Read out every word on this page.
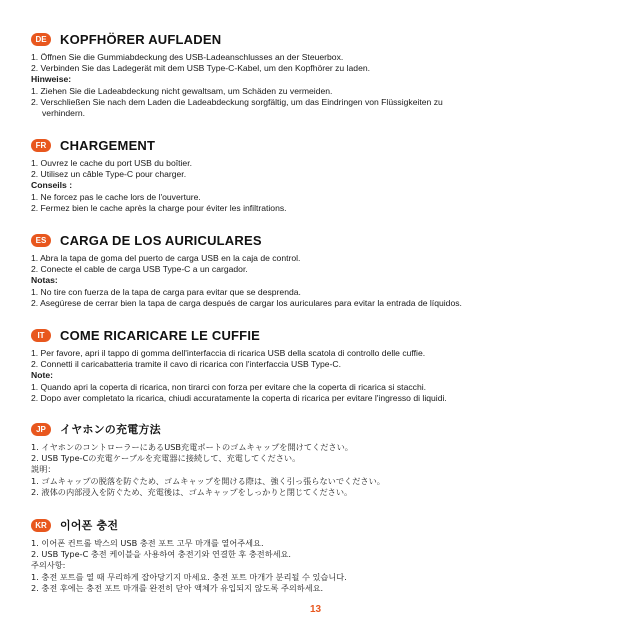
DE	KOPFHÖRER AUFLADEN
1. Öffnen Sie die Gummiabdeckung des USB-Ladeanschlusses an der Steuerbox.
2. Verbinden Sie das Ladegerät mit dem USB Type-C-Kabel, um den Kopfhörer zu laden.
Hinweise:
1. Ziehen Sie die Ladeabdeckung nicht gewaltsam, um Schäden zu vermeiden.
2. Verschließen Sie nach dem Laden die Ladeabdeckung sorgfältig, um das Eindringen von Flüssigkeiten zu
verhindern.
FR	CHARGEMENT
1. Ouvrez le cache du port USB du boîtier.
2. Utilisez un câble Type-C pour charger.
Conseils :
1. Ne forcez pas le cache lors de l'ouverture.
2. Fermez bien le cache après la charge pour éviter les infiltrations.
ES	CARGA DE LOS AURICULARES
1. Abra la tapa de goma del puerto de carga USB en la caja de control.
2. Conecte el cable de carga USB Type-C a un cargador.
Notas:
1. No tire con fuerza de la tapa de carga para evitar que se desprenda.
2. Asegúrese de cerrar bien la tapa de carga después de cargar los auriculares para evitar la entrada de líquidos.
IT	COME RICARICARE LE CUFFIE
1. Per favore, apri il tappo di gomma dell'interfaccia di ricarica USB della scatola di controllo delle cuffie.
2. Connetti il caricabatteria tramite il cavo di ricarica con l'interfaccia USB Type-C.
Note:
1. Quando apri la coperta di ricarica, non tirarci con forza per evitare che la coperta di ricarica si stacchi.
2. Dopo aver completato la ricarica, chiudi accuratamente la coperta di ricarica per evitare l'ingresso di liquidi.
JP	イヤホンの充電方法
1. イヤホンのコントローラーにあるUSB充電ポートのゴムキャップを開けてください。
2. USB Type-Cの充電ケーブルを充電器に接続して、充電してください。
説明：
1. ゴムキャップの脱落を防ぐため、ゴムキャップを開ける際は、強く引っ張らないでください。
2. 液体の内部浸入を防ぐため、充電後は、ゴムキャップをしっかりと閉じてください。
KR	이어폰 충전
1. 이어폰 컨트롤 박스의 USB 충전 포트 고무 마개를 열어주세요.
2. USB Type-C 충전 케이블을 사용하여 충전기와 연결한 후 충전하세요.
주의사항:
1. 충전 포트를 열 때 무리하게 잡아당기지 마세요. 충전 포트 마개가 분리될 수 있습니다.
2. 충전 후에는 충전 포트 마개를 완전히 닫아 액체가 유입되지 않도록 주의하세요.
13
